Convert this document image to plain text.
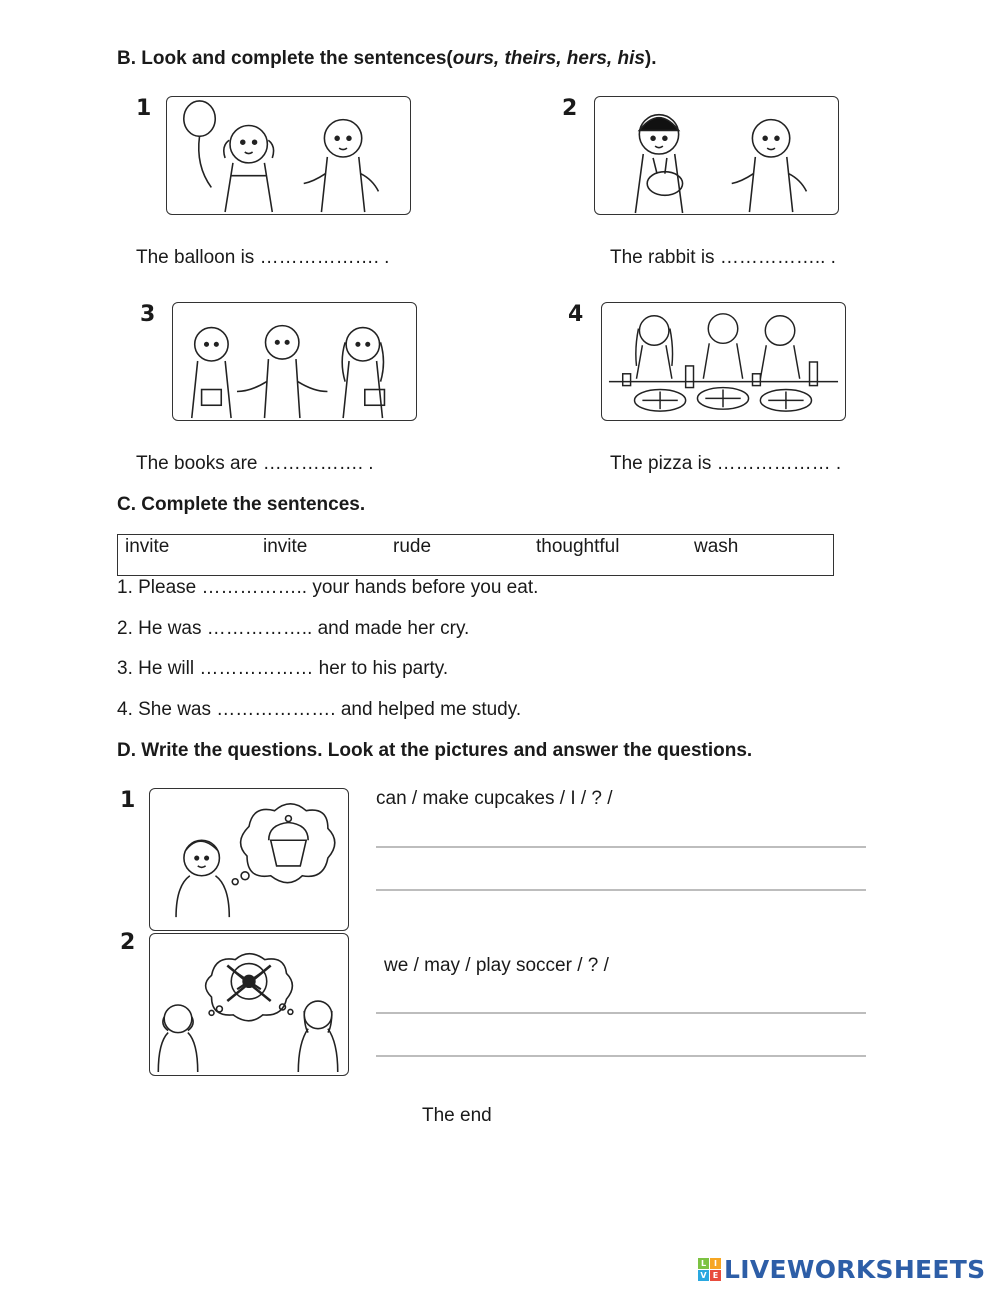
B. Look and complete the sentences(ours, theirs, hers, his).
1
The balloon is ………………. .
2
The rabbit is …………….. .
3
The books are ……………. .
4
The pizza is ……………… .
C. Complete the sentences.
invite	invite	rude	thoughtful	wash
1. Please …………….. your hands before you eat.
2. He was …………….. and made her cry.
3. He will ……………… her to his party.
4. She was ………………. and helped me study.
D. Write the questions. Look at the pictures and answer the questions.
1	can / make cupcakes / I / ? /
2
we / may / play soccer / ? /
The end
L I
V E LIVEWORKSHEETS
